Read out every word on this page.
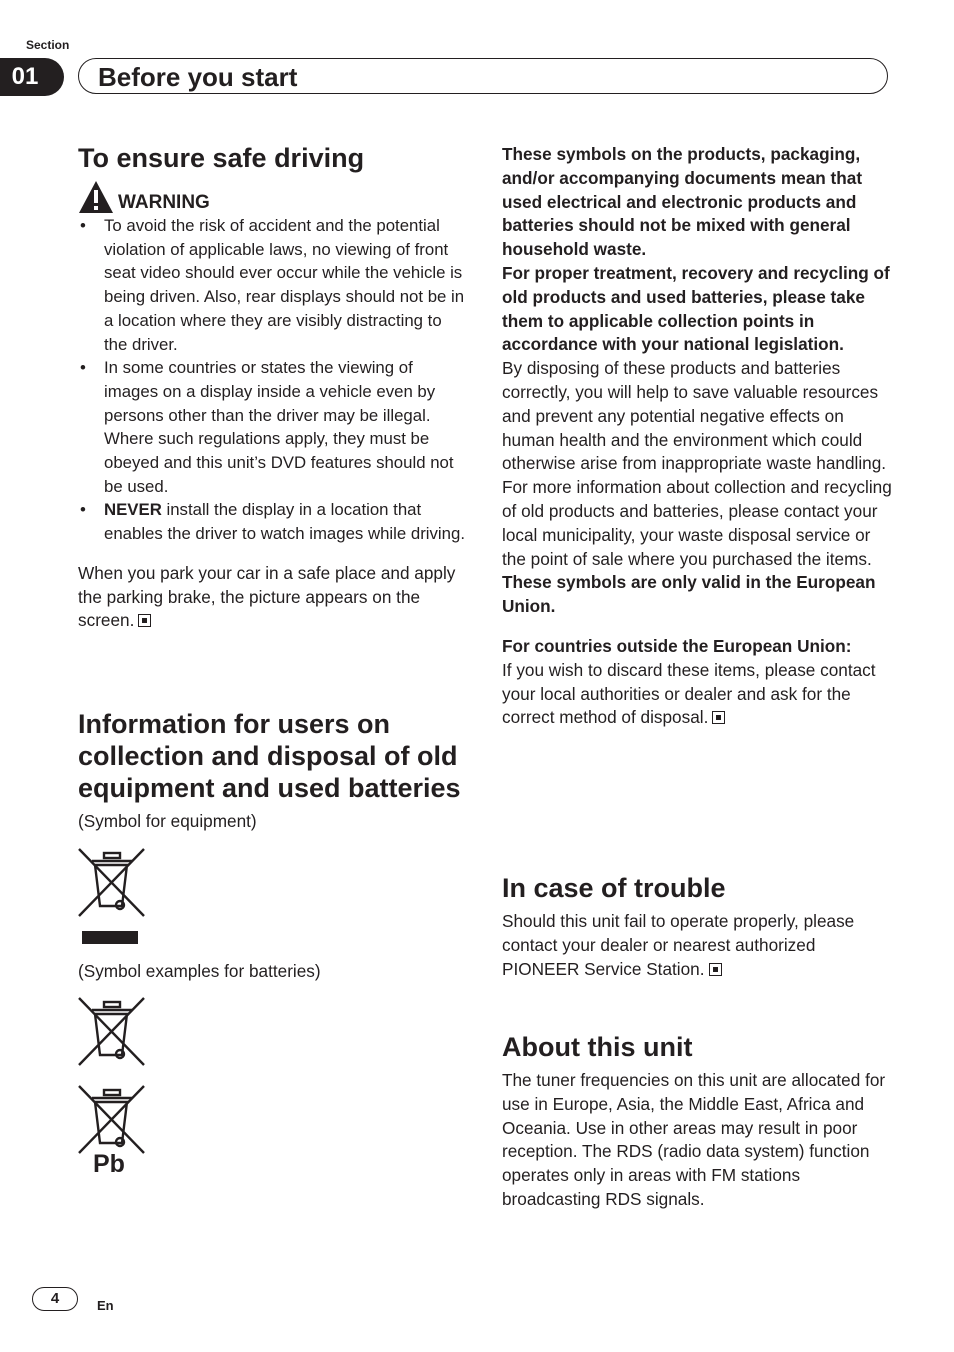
Section
01	Before you start
To ensure safe driving
WARNING
• To avoid the risk of accident and the potential violation of applicable laws, no viewing of front seat video should ever occur while the vehicle is being driven. Also, rear displays should not be in a location where they are visibly distracting to the driver.
• In some countries or states the viewing of images on a display inside a vehicle even by persons other than the driver may be illegal. Where such regulations apply, they must be obeyed and this unit’s DVD features should not be used.
• NEVER install the display in a location that enables the driver to watch images while driving.

When you park your car in a safe place and apply the parking brake, the picture appears on the screen.

Information for users on collection and disposal of old equipment and used batteries
(Symbol for equipment)
(Symbol examples for batteries)
Pb
These symbols on the products, packaging, and/or accompanying documents mean that used electrical and electronic products and batteries should not be mixed with general household waste.
For proper treatment, recovery and recycling of old products and used batteries, please take them to applicable collection points in accordance with your national legislation.
By disposing of these products and batteries correctly, you will help to save valuable resources and prevent any potential negative effects on human health and the environment which could otherwise arise from inappropriate waste handling.
For more information about collection and recycling of old products and batteries, please contact your local municipality, your waste disposal service or the point of sale where you purchased the items.
These symbols are only valid in the European Union.
For countries outside the European Union:
If you wish to discard these items, please contact your local authorities or dealer and ask for the correct method of disposal.
In case of trouble
Should this unit fail to operate properly, please contact your dealer or nearest authorized PIONEER Service Station.
About this unit
The tuner frequencies on this unit are allocated for use in Europe, Asia, the Middle East, Africa and Oceania. Use in other areas may result in poor reception. The RDS (radio data system) function operates only in areas with FM stations broadcasting RDS signals.
4	En
